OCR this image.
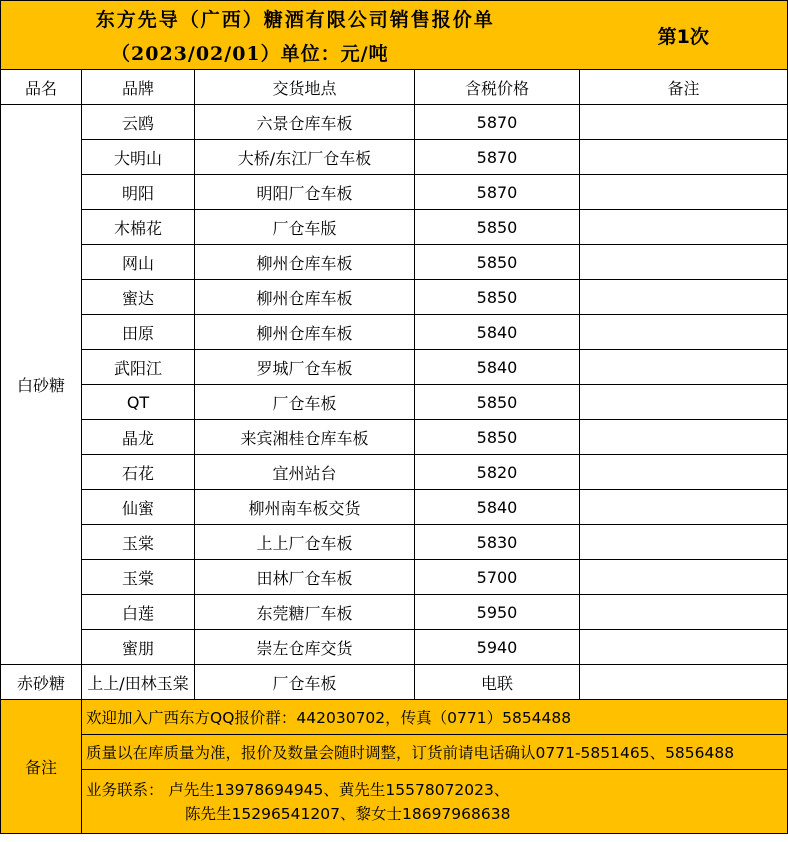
东方先导（广西）糖酒有限公司销售报价单				第1次
（2023/02/01）单位：元/吨				
品名	品牌	交货地点	含税价格	备注
白砂糖	云鸥	六景仓库车板	5870	
	大明山	大桥/东江厂仓车板	5870	
	明阳	明阳厂仓车板	5870	
	木棉花	厂仓车版	5850	
	网山	柳州仓库车板	5850	
	蜜达	柳州仓库车板	5850	
	田原	柳州仓库车板	5840	
	武阳江	罗城厂仓车板	5840	
	QT	厂仓车板	5850	
	晶龙	来宾湘桂仓库车板	5850	
	石花	宜州站台	5820	
	仙蜜	柳州南车板交货	5840	
	玉棠	上上厂仓车板	5830	
	玉棠	田林厂仓车板	5700	
	白莲	东莞糖厂车板	5950	
	蜜朋	崇左仓库交货	5940	
赤砂糖	上上/田林玉棠	厂仓车板	电联	
备注	欢迎加入广西东方QQ报价群：442030702，传真（0771）5854488			
	质量以在库质量为准，报价及数量会随时调整，订货前请电话确认0771-5851465、5856488			

	业务联系： 卢先生13978694945、黄先生15578072023、
陈先生15296541207、黎女士18697968638			
